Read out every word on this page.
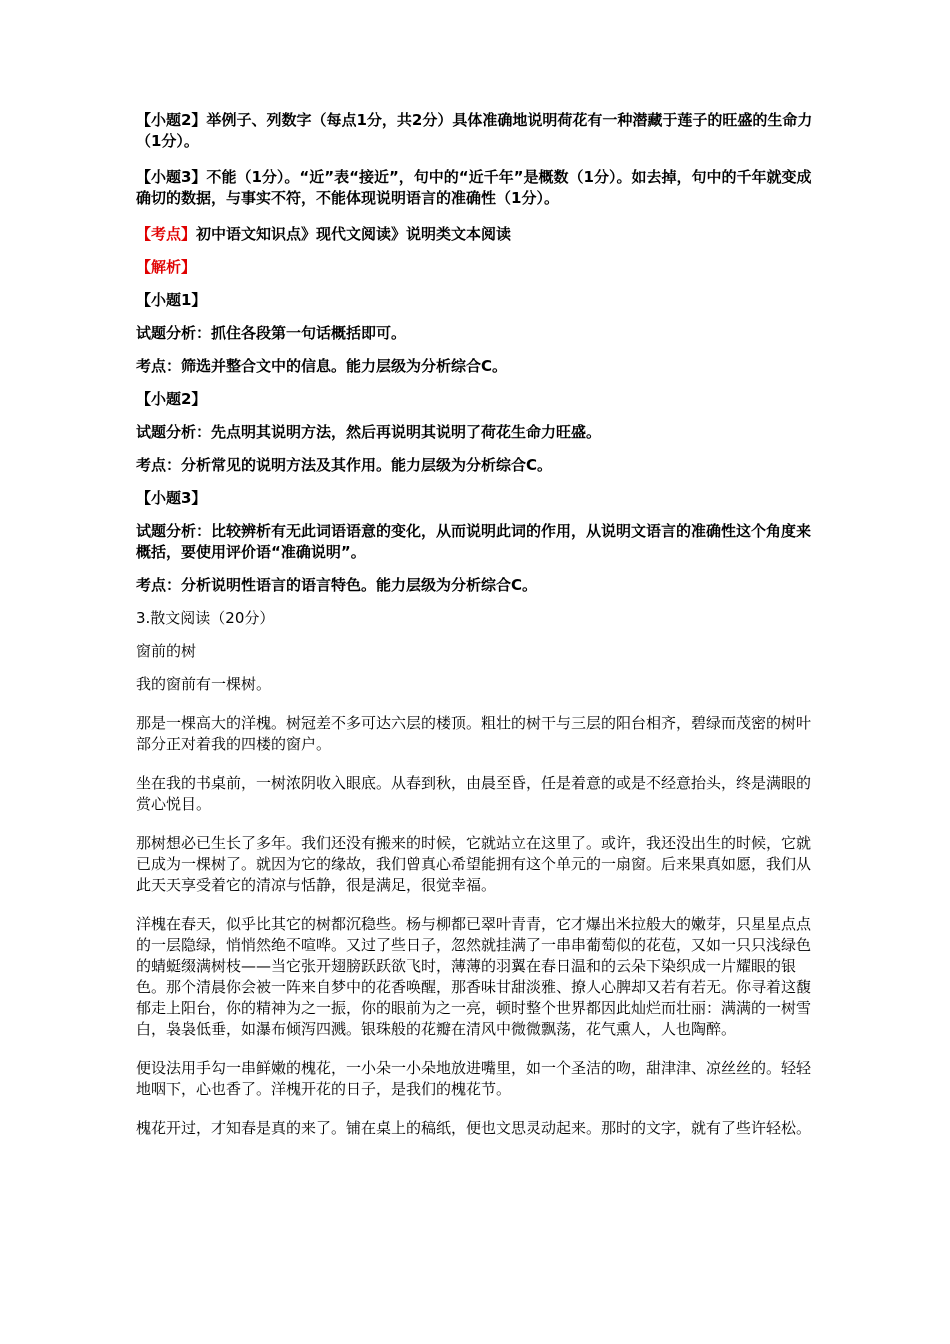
【小题2】举例子、列数字（每点1分，共2分）具体准确地说明荷花有一种潜藏于莲子的旺盛的生命力（1分）。

【小题3】不能（1分）。“近”表“接近”，句中的“近千年”是概数（1分）。如去掉，句中的千年就变成确切的数据，与事实不符，不能体现说明语言的准确性（1分）。

【考点】初中语文知识点》现代文阅读》说明类文本阅读

【解析】

【小题1】

试题分析：抓住各段第一句话概括即可。

考点：筛选并整合文中的信息。能力层级为分析综合C。

【小题2】

试题分析：先点明其说明方法，然后再说明其说明了荷花生命力旺盛。

考点：分析常见的说明方法及其作用。能力层级为分析综合C。

【小题3】

试题分析：比较辨析有无此词语语意的变化，从而说明此词的作用，从说明文语言的准确性这个角度来概括，要使用评价语“准确说明”。

考点：分析说明性语言的语言特色。能力层级为分析综合C。

3.散文阅读（20分）

窗前的树

我的窗前有一棵树。

那是一棵高大的洋槐。树冠差不多可达六层的楼顶。粗壮的树干与三层的阳台相齐，碧绿而茂密的树叶部分正对着我的四楼的窗户。

坐在我的书桌前，一树浓阴收入眼底。从春到秋，由晨至昏，任是着意的或是不经意抬头，终是满眼的赏心悦目。

那树想必已生长了多年。我们还没有搬来的时候，它就站立在这里了。或许，我还没出生的时候，它就已成为一棵树了。就因为它的缘故，我们曾真心希望能拥有这个单元的一扇窗。后来果真如愿，我们从此天天享受着它的清凉与恬静，很是满足，很觉幸福。

洋槐在春天，似乎比其它的树都沉稳些。杨与柳都已翠叶青青，它才爆出米拉般大的嫩芽，只星星点点的一层隐绿，悄悄然绝不喧哗。又过了些日子，忽然就挂满了一串串葡萄似的花苞，又如一只只浅绿色的蜻蜓缀满树枝——当它张开翅膀跃跃欲飞时，薄薄的羽翼在春日温和的云朵下染织成一片耀眼的银色。那个清晨你会被一阵来自梦中的花香唤醒，那香味甘甜淡雅、撩人心脾却又若有若无。你寻着这馥郁走上阳台，你的精神为之一振，你的眼前为之一亮，顿时整个世界都因此灿烂而壮丽：满满的一树雪白，袅袅低垂，如瀑布倾泻四溅。银珠般的花瓣在清风中微微飘荡，花气熏人，人也陶醉。

便设法用手勾一串鲜嫩的槐花，一小朵一小朵地放进嘴里，如一个圣洁的吻，甜津津、凉丝丝的。轻轻地咽下，心也香了。洋槐开花的日子，是我们的槐花节。

槐花开过，才知春是真的来了。铺在桌上的稿纸，便也文思灵动起来。那时的文字，就有了些许轻松。
